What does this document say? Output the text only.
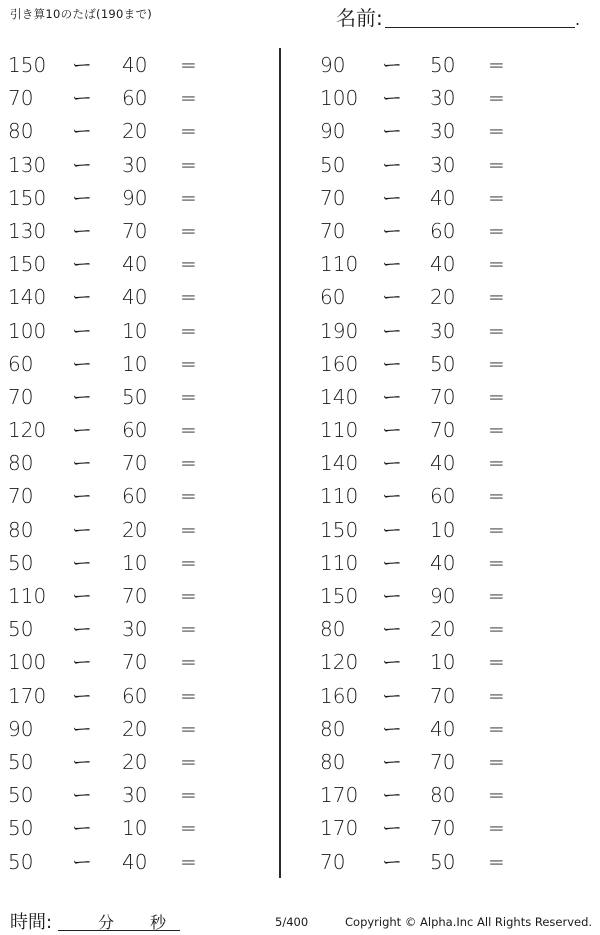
引き算10のたば(190まで)	名前:	.
150 ー 40	=
70	ー 60	=
80	ー 20	=
130 ー 30	=
150 ー 90	=
130 ー 70	=
150 ー 40	=
140 ー 40	=
100 ー 10	=
60	ー 10	=
70	ー 50	=
120 ー 60	=
80	ー 70	=
70	ー 60	=
80	ー 20	=
50	ー 10	=
110 ー 70	=
50	ー 30	=
100 ー 70	=
170 ー 60	=
90	ー 20	=
50	ー 20	=
50	ー 30	=
50	ー 10	=
50	ー 40	=
90	ー 50	=
100 ー 30	=
90	ー 30	=
50	ー 30	=
70	ー 40	=
70	ー 60	=
110 ー 40	=
60	ー 20	=
190 ー 30	=
160 ー 50	=
140 ー 70	=
110 ー 70	=
140 ー 40	=
110 ー 60	=
150 ー 10	=
110 ー 40	=
150 ー 90	=
80	ー 20	=
120 ー 10	=
160 ー 70	=
80	ー 40	=
80	ー 70	=
170 ー 80	=
170 ー 70	=
70	ー 50	=
時間:	分 秒	5/400	Copyright © Alpha.Inc All Rights Reserved.
